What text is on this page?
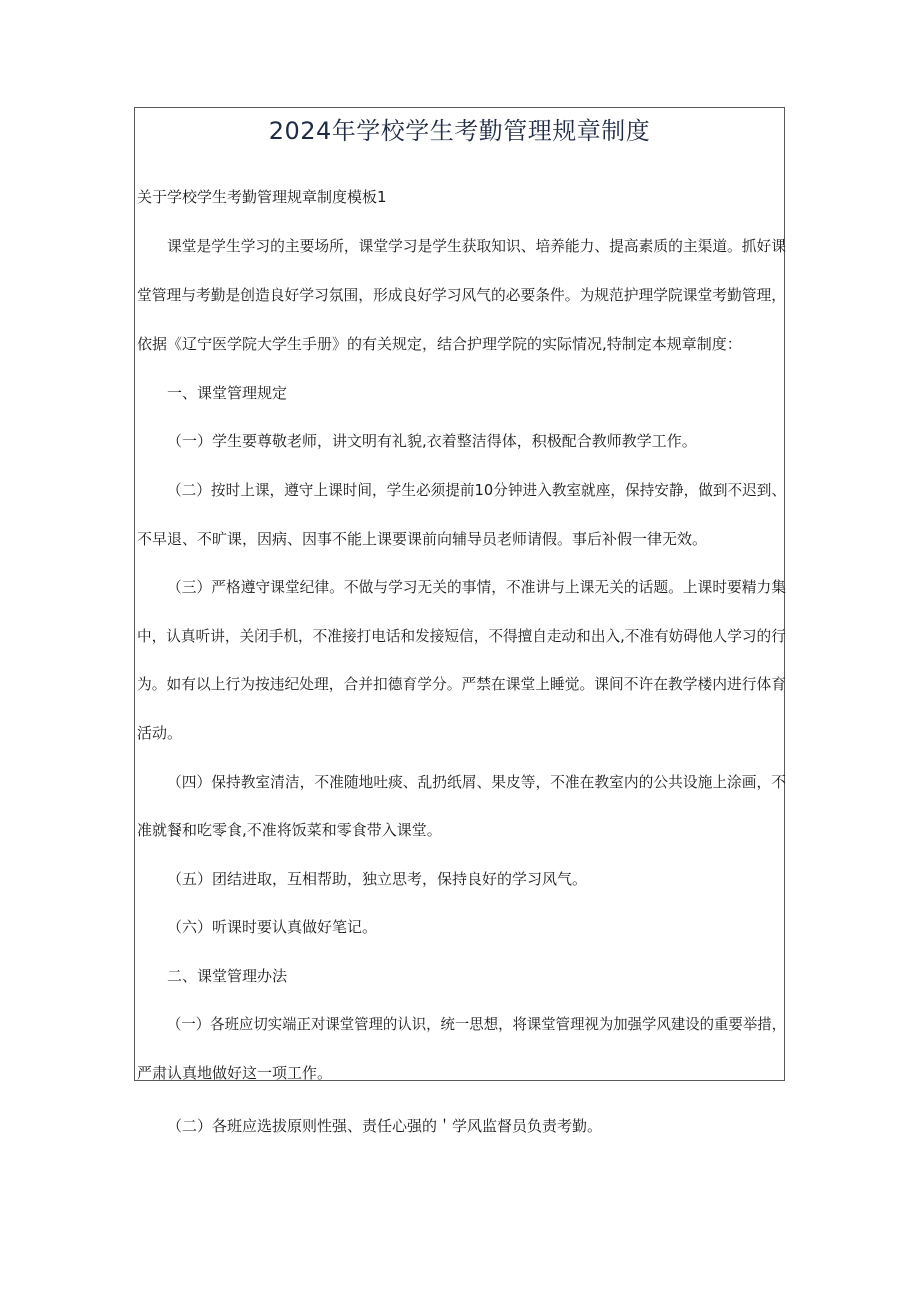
2024年学校学生考勤管理规章制度
关于学校学生考勤管理规章制度模板1
课堂是学生学习的主要场所，课堂学习是学生获取知识、培养能力、提高素质的主渠道。抓好课
堂管理与考勤是创造良好学习氛围，形成良好学习风气的必要条件。为规范护理学院课堂考勤管理，
依据《辽宁医学院大学生手册》的有关规定，结合护理学院的实际情况,特制定本规章制度：
一、课堂管理规定
（一）学生要尊敬老师，讲文明有礼貌,衣着整洁得体，积极配合教师教学工作。
（二）按时上课，遵守上课时间，学生必须提前10分钟进入教室就座，保持安静，做到不迟到、
不早退、不旷课，因病、因事不能上课要课前向辅导员老师请假。事后补假一律无效。
（三）严格遵守课堂纪律。不做与学习无关的事情，不准讲与上课无关的话题。上课时要精力集
中，认真听讲，关闭手机，不准接打电话和发接短信，不得擅自走动和出入,不准有妨碍他人学习的行
为。如有以上行为按违纪处理，合并扣德育学分。严禁在课堂上睡觉。课间不许在教学楼内进行体育
活动。
（四）保持教室清洁，不准随地吐痰、乱扔纸屑、果皮等，不准在教室内的公共设施上涂画，不
准就餐和吃零食,不准将饭菜和零食带入课堂。
（五）团结进取，互相帮助，独立思考，保持良好的学习风气。
（六）听课时要认真做好笔记。
二、课堂管理办法
（一）各班应切实端正对课堂管理的认识，统一思想，将课堂管理视为加强学风建设的重要举措，
严肃认真地做好这一项工作。
（二）各班应选拔原则性强、责任心强的＇学风监督员负责考勤。
